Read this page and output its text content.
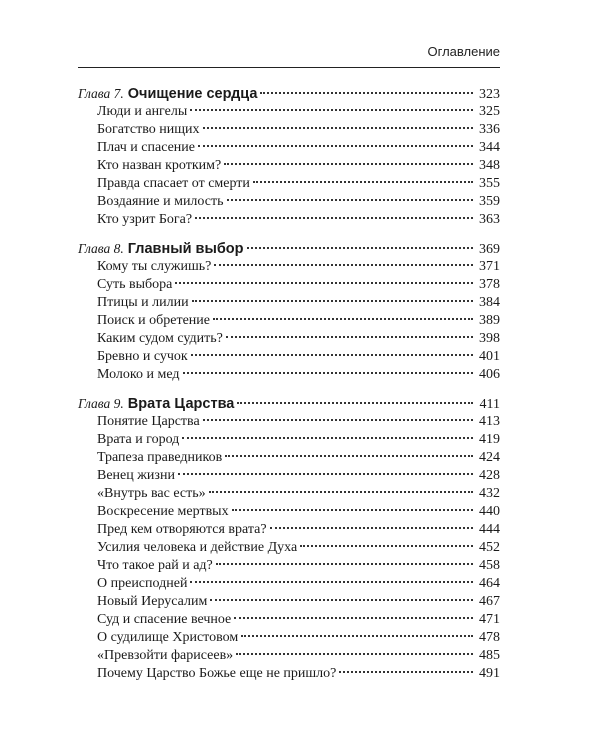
Оглавление
Глава 7. Очищение сердца	323
Люди и ангелы	325
Богатство нищих	336
Плач и спасение	344
Кто назван кротким?	348
Правда спасает от смерти	355
Воздаяние и милость	359
Кто узрит Бога?	363
Глава 8. Главный выбор	369
Кому ты служишь?	371
Суть выбора	378
Птицы и лилии	384
Поиск и обретение	389
Каким судом судить?	398
Бревно и сучок	401
Молоко и мед	406
Глава 9. Врата Царства	411
Понятие Царства	413
Врата и город	419
Трапеза праведников	424
Венец жизни	428
«Внутрь вас есть»	432
Воскресение мертвых	440
Пред кем отворяются врата?	444
Усилия человека и действие Духа	452
Что такое рай и ад?	458
О преисподней	464
Новый Иерусалим	467
Суд и спасение вечное	471
О судилище Христовом	478
«Превзойти фарисеев»	485
Почему Царство Божье еще не пришло?	491
